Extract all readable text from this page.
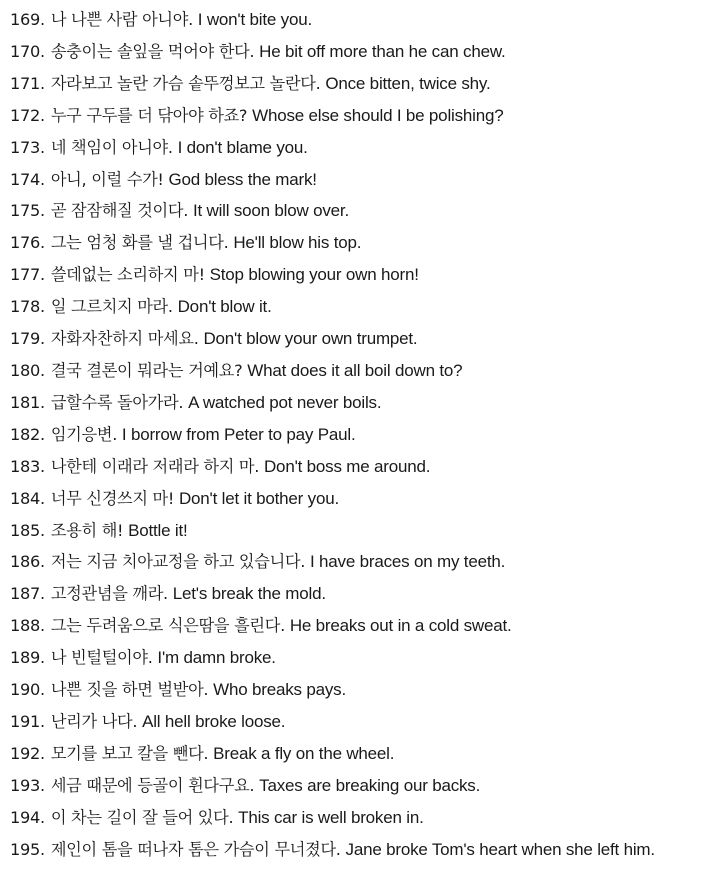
169. 나 나쁜 사람 아니야. I won't bite you.
170. 송충이는 솔잎을 먹어야 한다. He bit off more than he can chew.
171. 자라보고 놀란 가슴 솥뚜껑보고 놀란다. Once bitten, twice shy.
172. 누구 구두를 더 닦아야 하죠? Whose else should I be polishing?
173. 네 책임이 아니야. I don't blame you.
174. 아니, 이럴 수가! God bless the mark!
175. 곧 잠잠해질 것이다. It will soon blow over.
176. 그는 엄청 화를 낼 겁니다. He'll blow his top.
177. 쓸데없는 소리하지 마! Stop blowing your own horn!
178. 일 그르치지 마라. Don't blow it.
179. 자화자찬하지 마세요. Don't blow your own trumpet.
180. 결국 결론이 뭐라는 거예요? What does it all boil down to?
181. 급할수록 돌아가라. A watched pot never boils.
182. 임기응변. I borrow from Peter to pay Paul.
183. 나한테 이래라 저래라 하지 마. Don't boss me around.
184. 너무 신경쓰지 마! Don't let it bother you.
185. 조용히 해! Bottle it!
186. 저는 지금 치아교정을 하고 있습니다. I have braces on my teeth.
187. 고정관념을 깨라. Let's break the mold.
188. 그는 두려움으로 식은땀을 흘린다. He breaks out in a cold sweat.
189. 나 빈털털이야. I'm damn broke.
190. 나쁜 짓을 하면 벌받아. Who breaks pays.
191. 난리가 나다. All hell broke loose.
192. 모기를 보고 칼을 뺀다. Break a fly on the wheel.
193. 세금 때문에 등골이 휜다구요. Taxes are breaking our backs.
194. 이 차는 길이 잘 들어 있다. This car is well broken in.
195. 제인이 톰을 떠나자 톰은 가슴이 무너졌다. Jane broke Tom's heart when she left him.
